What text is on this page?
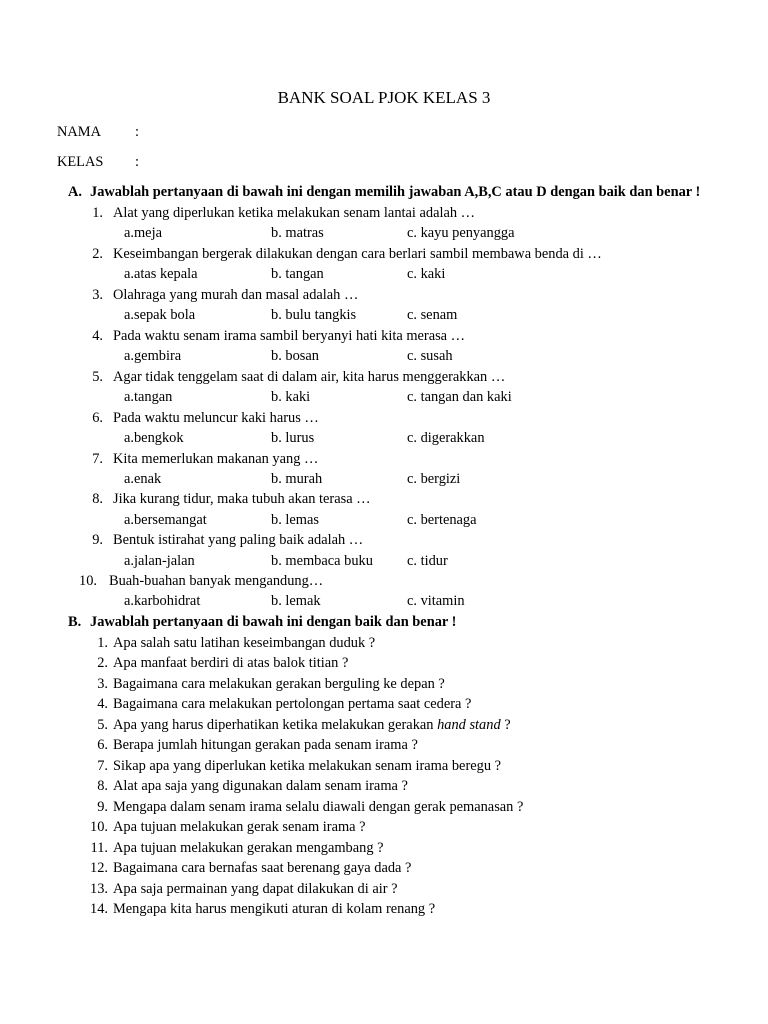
BANK SOAL PJOK KELAS 3
NAMA :
KELAS :
A. Jawablah pertanyaan di bawah ini dengan memilih jawaban A,B,C atau D dengan baik dan benar !
1. Alat yang diperlukan ketika melakukan senam lantai adalah …
a.meja	b. matras	c. kayu penyangga
2. Keseimbangan bergerak dilakukan dengan cara berlari sambil membawa benda di …
a.atas kepala	b. tangan	c. kaki
3. Olahraga yang murah dan masal adalah …
a.sepak bola	b. bulu tangkis	c. senam
4. Pada waktu senam irama sambil beryanyi hati kita merasa …
a.gembira	b. bosan	c. susah
5. Agar tidak tenggelam saat di dalam air, kita harus menggerakkan …
a.tangan	b. kaki	c. tangan dan kaki
6. Pada waktu meluncur kaki harus …
a.bengkok	b. lurus	c. digerakkan
7. Kita memerlukan makanan yang …
a.enak	b. murah	c. bergizi
8. Jika kurang tidur, maka tubuh akan terasa …
a.bersemangat	b. lemas	c. bertenaga
9. Bentuk istirahat yang paling baik adalah …
a.jalan-jalan	b. membaca buku c. tidur
10. Buah-buahan banyak mengandung…
a.karbohidrat	b. lemak	c. vitamin
B. Jawablah pertanyaan di bawah ini dengan baik dan benar !
1. Apa salah satu latihan keseimbangan duduk ?
2. Apa manfaat berdiri di atas balok titian ?
3. Bagaimana cara melakukan gerakan berguling ke depan ?
4. Bagaimana cara melakukan pertolongan pertama saat cedera ?
5. Apa yang harus diperhatikan ketika melakukan gerakan hand stand ?
6. Berapa jumlah hitungan gerakan pada senam irama ?
7. Sikap apa yang diperlukan ketika melakukan senam irama beregu ?
8. Alat apa saja yang digunakan dalam senam irama ?
9. Mengapa dalam senam irama selalu diawali dengan gerak pemanasan ?
10. Apa tujuan melakukan gerak senam irama ?
11. Apa tujuan melakukan gerakan mengambang ?
12. Bagaimana cara bernafas saat berenang gaya dada ?
13. Apa saja permainan yang dapat dilakukan di air ?
14. Mengapa kita harus mengikuti aturan di kolam renang ?
